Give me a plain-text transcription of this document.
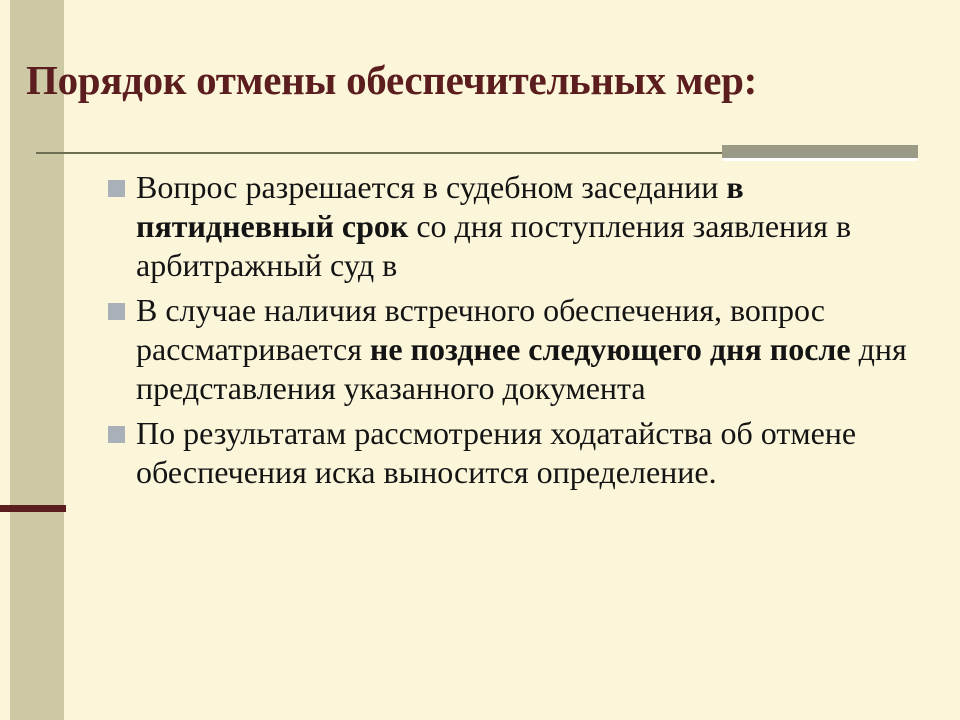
Порядок отмены обеспечительных мер:
Вопрос разрешается в судебном заседании в пятидневный срок со дня поступления заявления в арбитражный суд в
В случае наличия встречного обеспечения, вопрос рассматривается не позднее следующего дня после дня представления указанного документа
По результатам рассмотрения ходатайства об отмене обеспечения иска выносится определение.
